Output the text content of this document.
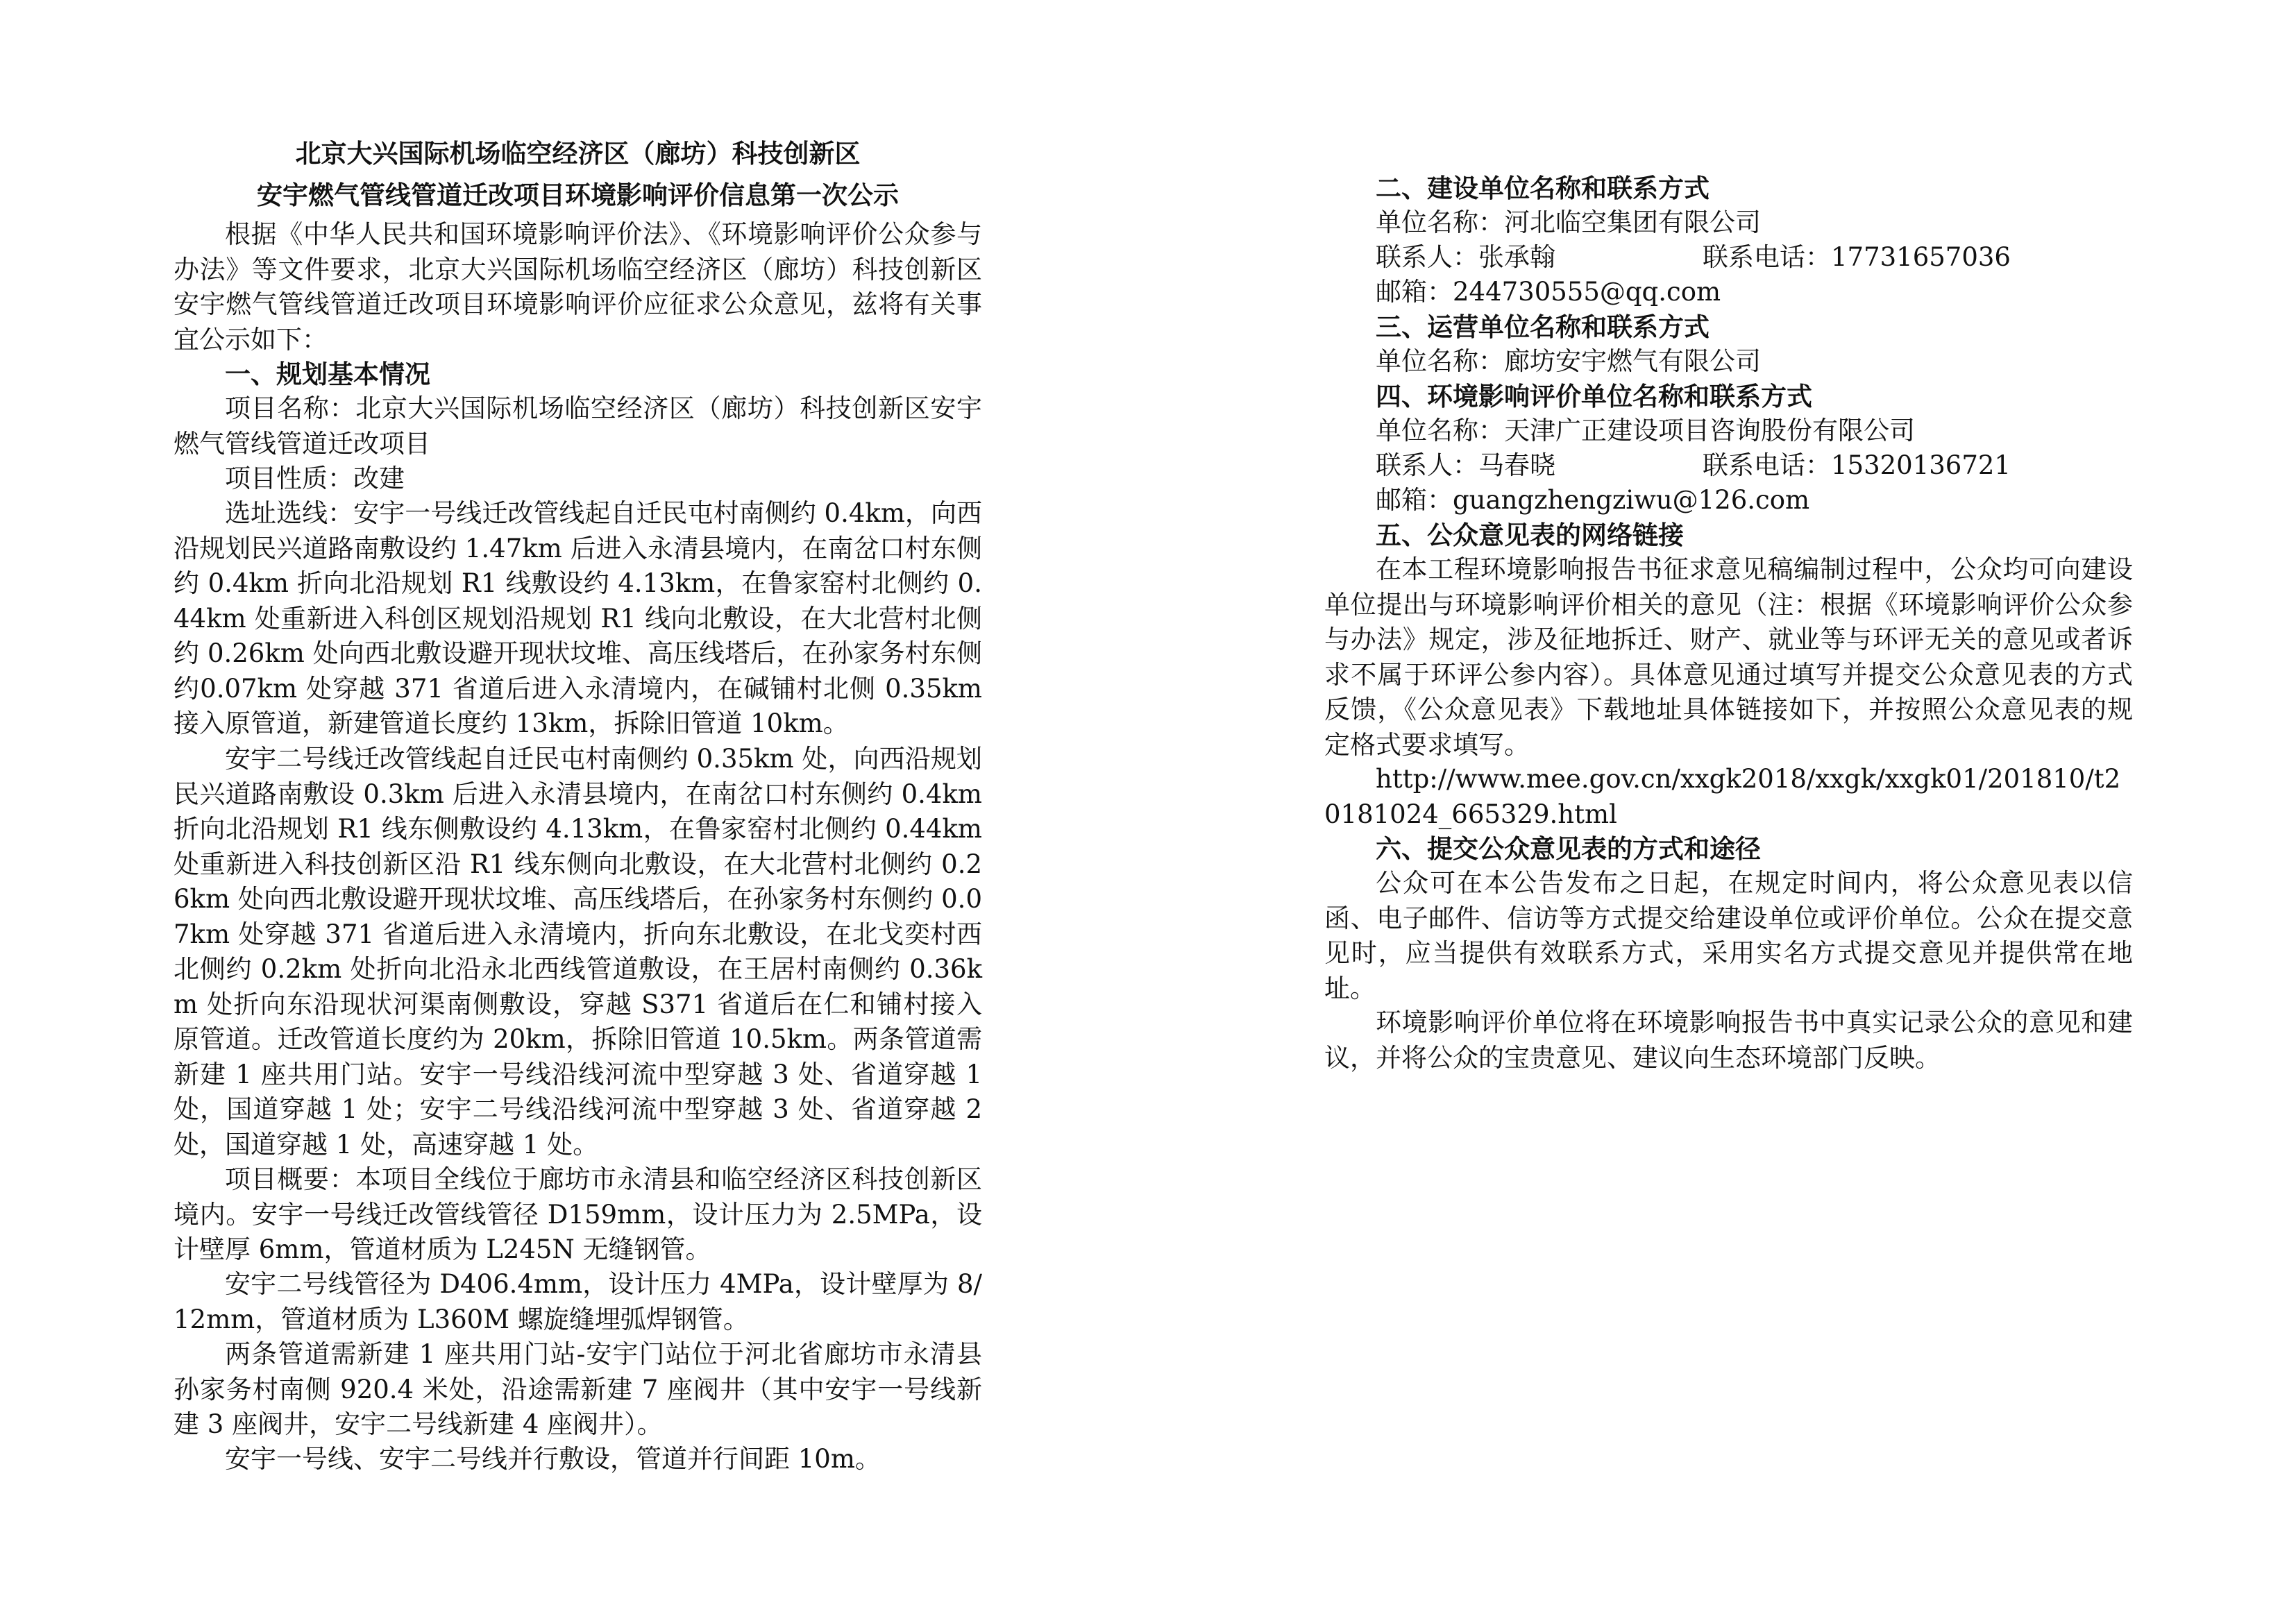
北京大兴国际机场临空经济区（廊坊）科技创新区
安宇燃气管线管道迁改项目环境影响评价信息第一次公示
根据《中华人民共和国环境影响评价法》、《环境影响评价公众参与办法》等文件要求，北京大兴国际机场临空经济区（廊坊）科技创新区安宇燃气管线管道迁改项目环境影响评价应征求公众意见，兹将有关事宜公示如下：
一、规划基本情况
项目名称：北京大兴国际机场临空经济区（廊坊）科技创新区安宇燃气管线管道迁改项目
项目性质：改建
选址选线：安宇一号线迁改管线起自迁民屯村南侧约 0.4km，向西沿规划民兴道路南敷设约 1.47km 后进入永清县境内，在南岔口村东侧约 0.4km 折向北沿规划 R1 线敷设约 4.13km，在鲁家窑村北侧约 0.44km 处重新进入科创区规划沿规划 R1 线向北敷设，在大北营村北侧约 0.26km 处向西北敷设避开现状坟堆、高压线塔后，在孙家务村东侧约0.07km 处穿越 371 省道后进入永清境内，在碱铺村北侧 0.35km 接入原管道，新建管道长度约 13km，拆除旧管道 10km。
安宇二号线迁改管线起自迁民屯村南侧约 0.35km 处，向西沿规划民兴道路南敷设 0.3km 后进入永清县境内，在南岔口村东侧约 0.4km 折向北沿规划 R1 线东侧敷设约 4.13km，在鲁家窑村北侧约 0.44km 处重新进入科技创新区沿 R1 线东侧向北敷设，在大北营村北侧约 0.26km 处向西北敷设避开现状坟堆、高压线塔后，在孙家务村东侧约 0.07km 处穿越 371 省道后进入永清境内，折向东北敷设，在北戈奕村西北侧约 0.2km 处折向北沿永北西线管道敷设，在王居村南侧约 0.36km 处折向东沿现状河渠南侧敷设，穿越 S371 省道后在仁和铺村接入原管道。迁改管道长度约为 20km，拆除旧管道 10.5km。两条管道需新建 1 座共用门站。安宇一号线沿线河流中型穿越 3 处、省道穿越 1 处，国道穿越 1 处；安宇二号线沿线河流中型穿越 3 处、省道穿越 2 处，国道穿越 1 处，高速穿越 1 处。
项目概要：本项目全线位于廊坊市永清县和临空经济区科技创新区境内。安宇一号线迁改管线管径 D159mm，设计压力为 2.5MPa，设计壁厚 6mm，管道材质为 L245N 无缝钢管。
安宇二号线管径为 D406.4mm，设计压力 4MPa，设计壁厚为 8/12mm，管道材质为 L360M 螺旋缝埋弧焊钢管。
两条管道需新建 1 座共用门站-安宇门站位于河北省廊坊市永清县孙家务村南侧 920.4 米处，沿途需新建 7 座阀井（其中安宇一号线新建 3 座阀井，安宇二号线新建 4 座阀井）。
安宇一号线、安宇二号线并行敷设，管道并行间距 10m。
二、建设单位名称和联系方式
单位名称：河北临空集团有限公司
联系人：张承翰	联系电话：17731657036
邮箱：244730555@qq.com
三、运营单位名称和联系方式
单位名称：廊坊安宇燃气有限公司
四、环境影响评价单位名称和联系方式
单位名称：天津广正建设项目咨询股份有限公司
联系人：马春晓	联系电话：15320136721
邮箱：guangzhengziwu@126.com
五、公众意见表的网络链接
在本工程环境影响报告书征求意见稿编制过程中，公众均可向建设单位提出与环境影响评价相关的意见（注：根据《环境影响评价公众参与办法》规定，涉及征地拆迁、财产、就业等与环评无关的意见或者诉求不属于环评公参内容）。具体意见通过填写并提交公众意见表的方式反馈，《公众意见表》下载地址具体链接如下，并按照公众意见表的规定格式要求填写。
http://www.mee.gov.cn/xxgk2018/xxgk/xxgk01/201810/t20181024_665329.html
六、提交公众意见表的方式和途径
公众可在本公告发布之日起，在规定时间内，将公众意见表以信函、电子邮件、信访等方式提交给建设单位或评价单位。公众在提交意见时，应当提供有效联系方式，采用实名方式提交意见并提供常在地址。
环境影响评价单位将在环境影响报告书中真实记录公众的意见和建议，并将公众的宝贵意见、建议向生态环境部门反映。
